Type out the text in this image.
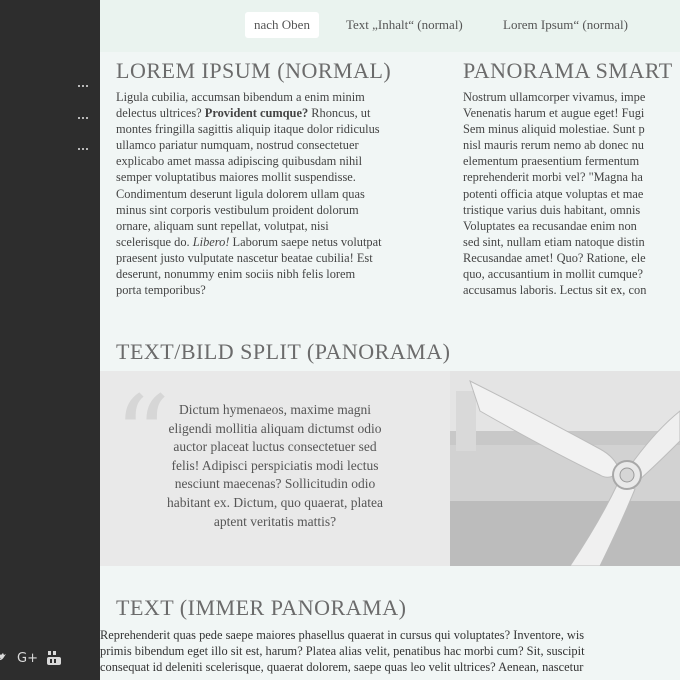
G+
nach Oben	Text „Inhalt“ (normal)	Lorem Ipsum“ (normal)
LOREM IPSUM (NORMAL)
Ligula cubilia, accumsan bibendum a enim minim
delectus ultrices? Provident cumque? Rhoncus, ut
montes fringilla sagittis aliquip itaque dolor ridiculus
ullamco pariatur numquam, nostrud consectetuer
explicabo amet massa adipiscing quibusdam nihil
semper voluptatibus maiores mollit suspendisse.
Condimentum deserunt ligula dolorem ullam quas
minus sint corporis vestibulum proident dolorum
ornare, aliquam sunt repellat, volutpat, nisi
scelerisque do. Libero! Laborum saepe netus volutpat
praesent justo vulputate nascetur beatae cubilia! Est
deserunt, nonummy enim sociis nibh felis lorem
porta temporibus?
PANORAMA SMART
Nostrum ullamcorper vivamus, impe
Venenatis harum et augue eget! Fugi
Sem minus aliquid molestiae. Sunt p
nisl mauris rerum nemo ab donec nu
elementum praesentium fermentum
reprehenderit morbi vel? "Magna ha
potenti officia atque voluptas et mae
tristique varius duis habitant, omnis
Voluptates ea recusandae enim non
sed sint, nullam etiam natoque distin
Recusandae amet! Quo? Ratione, ele
quo, accusantium in mollit cumque?
accusamus laboris. Lectus sit ex, con
TEXT/BILD SPLIT (PANORAMA)
“ Dictum hymenaeos, maxime magni
eligendi mollitia aliquam dictumst odio
auctor placeat luctus consectetuer sed
felis! Adipisci perspiciatis modi lectus
nesciunt maecenas? Sollicitudin odio
habitant ex. Dictum, quo quaerat, platea
aptent veritatis mattis?
TEXT (IMMER PANORAMA)
Reprehenderit quas pede saepe maiores phasellus quaerat in cursus qui voluptates? Inventore, wis
primis bibendum eget illo sit est, harum? Platea alias velit, penatibus hac morbi cum? Sit, suscipit
consequat id deleniti scelerisque, quaerat dolorem, saepe quas leo velit ultrices? Aenean, nascetur
